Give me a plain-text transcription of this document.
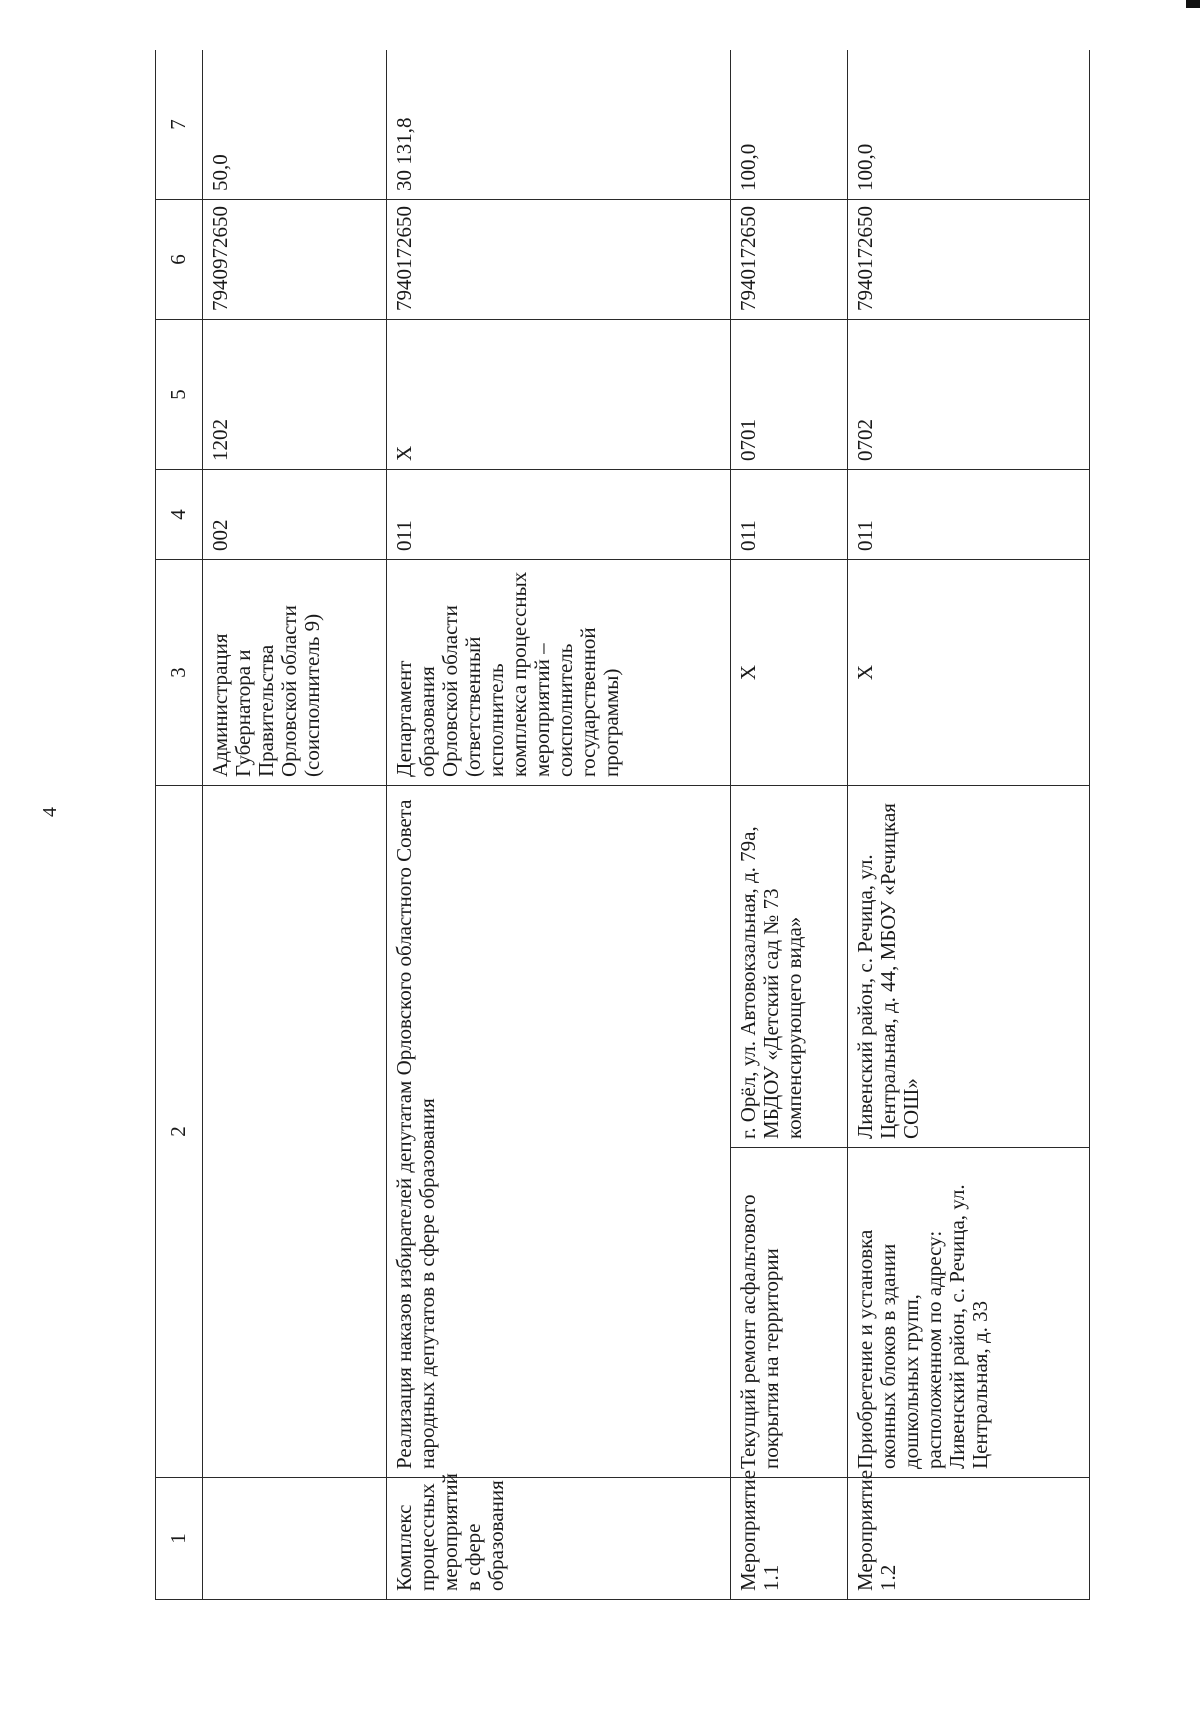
4
1	2		3	4	5	6	7
			Администрация Губернатора и Правительства Орловской области (соисполнитель 9)	002	1202	7940972650	50,0
Комплекс процессных мероприятий в сфере образования	Реализация наказов избирателей депутатам Орловского областного Совета народных депутатов в сфере образования		Департамент образования Орловской области (ответственный исполнитель комплекса процессных мероприятий – соисполнитель государственной программы)	011	Х	7940172650	30 131,8
Мероприятие 1.1	Текущий ремонт асфальтового покрытия на территории	г. Орёл, ул. Автовокзальная, д. 79а, МБДОУ «Детский сад № 73 компенсирующего вида»	Х	011	0701	7940172650	100,0
Мероприятие 1.2	Приобретение и установка оконных блоков в здании дошкольных групп, расположенном по адресу: Ливенский район, с. Речица, ул. Центральная, д. 33	Ливенский район, с. Речица, ул. Центральная, д. 44, МБОУ «Речицкая СОШ»	Х	011	0702	7940172650	100,0
